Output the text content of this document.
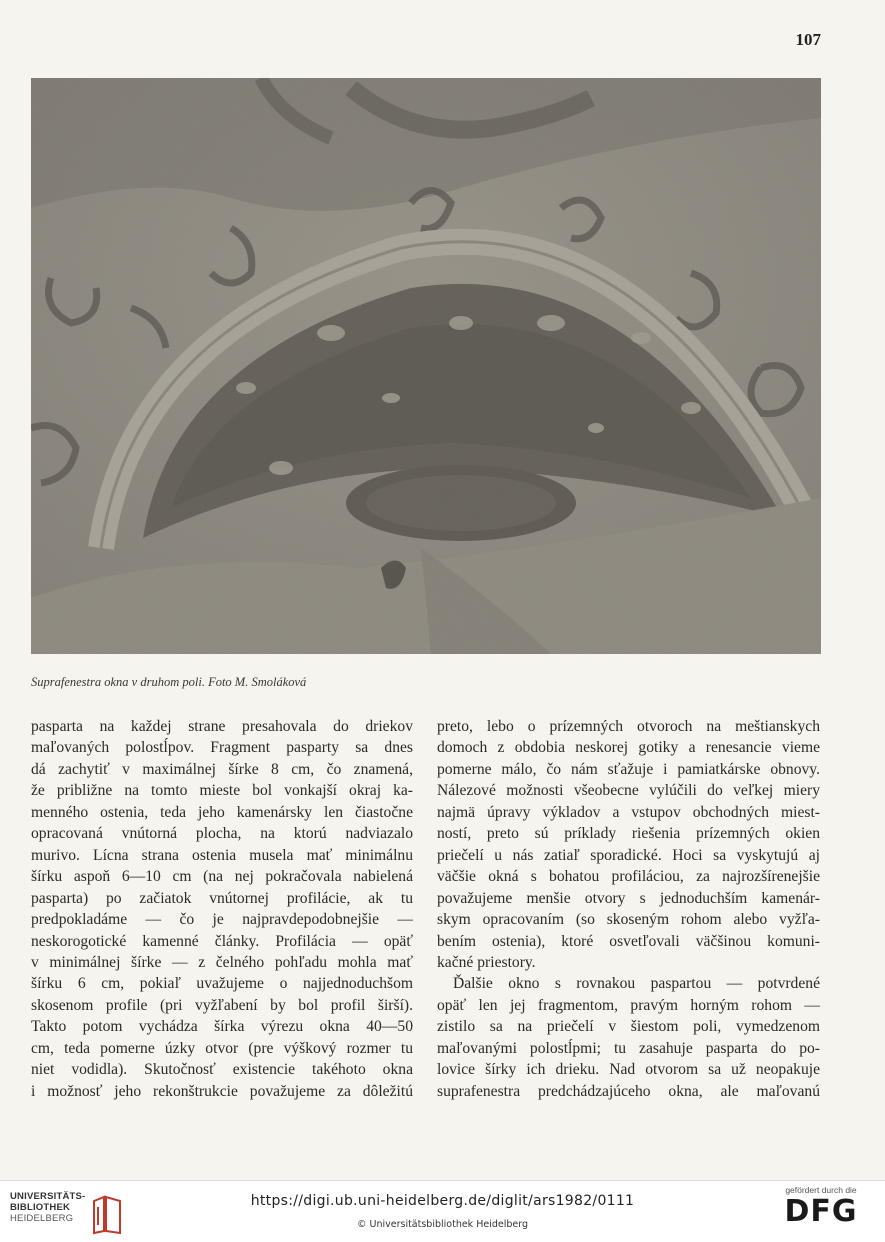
107
Suprafenestra okna v druhom poli. Foto M. Smoláková

pasparta na každej strane presahovala do driekov

maľovaných polostĺpov. Fragment pasparty sa dnes

dá zachytiť v maximálnej šírke 8 cm, čo znamená,

že približne na tomto mieste bol vonkajší okraj ka-

menného ostenia, teda jeho kamenársky len čiastočne

opracovaná vnútorná plocha, na ktorú nadviazalo

murivo. Lícna strana ostenia musela mať minimálnu

šírku aspoň 6—10 cm (na nej pokračovala nabielená

pasparta) po začiatok vnútornej profilácie, ak tu

predpokladáme — čo je najpravdepodobnejšie —

neskorogotické kamenné články. Profilácia — opäť

v minimálnej šírke — z čelného pohľadu mohla mať

šírku 6 cm, pokiaľ uvažujeme o najjednoduchšom

skosenom profile (pri vyžľabení by bol profil širší).

Takto potom vychádza šírka výrezu okna 40—50

cm, teda pomerne úzky otvor (pre výškový rozmer tu

niet vodidla). Skutočnosť existencie takéhoto okna

i možnosť jeho rekonštrukcie považujeme za dôležitú

preto, lebo o prízemných otvoroch na meštianskych

domoch z obdobia neskorej gotiky a renesancie vieme

pomerne málo, čo nám sťažuje i pamiatkárske obnovy.

Nálezové možnosti všeobecne vylúčili do veľkej miery

najmä úpravy výkladov a vstupov obchodných miest-

ností, preto sú príklady riešenia prízemných okien

priečelí u nás zatiaľ sporadické. Hoci sa vyskytujú aj

väčšie okná s bohatou profiláciou, za najrozšírenejšie

považujeme menšie otvory s jednoduchším kamenár-

skym opracovaním (so skoseným rohom alebo vyžľa-

bením ostenia), ktoré osvetľovali väčšinou komuni-

kačné priestory.

Ďalšie okno s rovnakou paspartou — potvrdené

opäť len jej fragmentom, pravým horným rohom —

zistilo sa na priečelí v šiestom poli, vymedzenom

maľovanými polostĺpmi; tu zasahuje pasparta do po-

lovice šírky ich drieku. Nad otvorom sa už neopakuje

suprafenestra predchádzajúceho okna, ale maľovanú

UNIVERSITÄTS-
BIBLIOTHEK
HEIDELBERG
https://digi.ub.uni-heidelberg.de/diglit/ars1982/0111
© Universitätsbibliothek Heidelberg
gefördert durch die
DFG
